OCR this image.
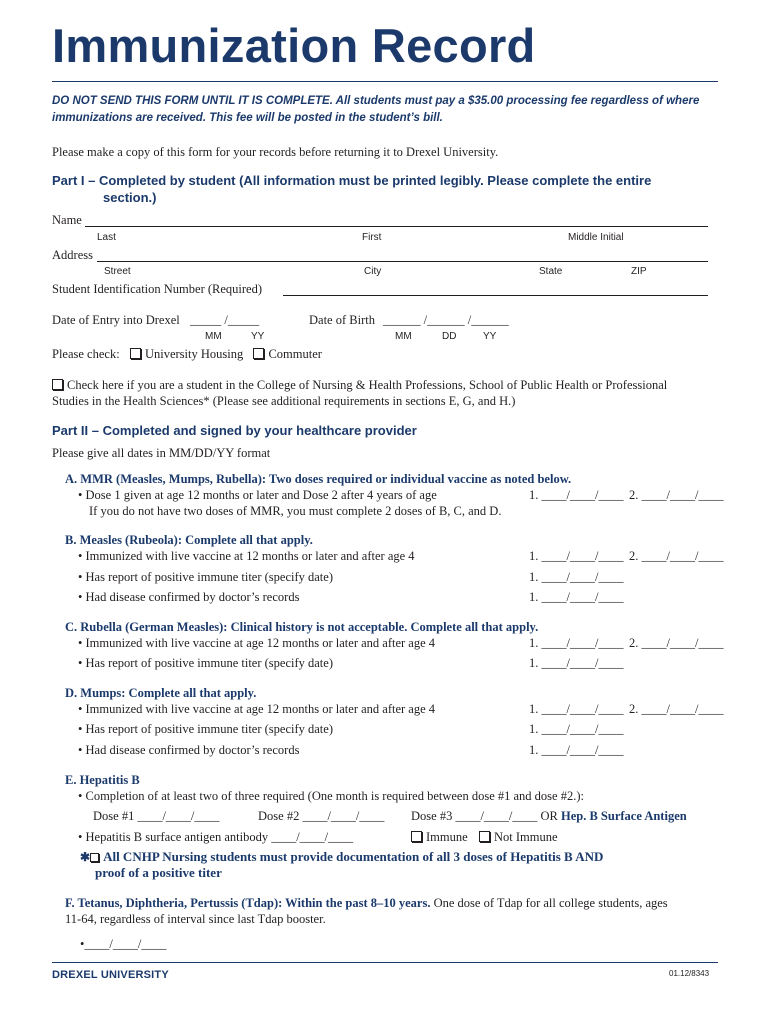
Immunization Record
DO NOT SEND THIS FORM UNTIL IT IS COMPLETE. All students must pay a $35.00 processing fee regardless of where immunizations are received. This fee will be posted in the student’s bill.
Please make a copy of this form for your records before returning it to Drexel University.
Part I – Completed by student (All information must be printed legibly. Please complete the entire
section.)
Name
Last	First	Middle Initial
Address
Street	City	State	ZIP
Student Identification Number (Required)
Date of Entry into Drexel _____ /_____
MM	YY
Date of Birth ______ /______ /______
MM	DD	YY
Please check: University Housing Commuter
Check here if you are a student in the College of Nursing & Health Professions, School of Public Health or Professional
Studies in the Health Sciences* (Please see additional requirements in sections E, G, and H.)
Part II – Completed and signed by your healthcare provider
Please give all dates in MM/DD/YY format
A. MMR (Measles, Mumps, Rubella): Two doses required or individual vaccine as noted below.
• Dose 1 given at age 12 months or later and Dose 2 after 4 years of age	1. ____/____/____ 2. ____/____/____
If you do not have two doses of MMR, you must complete 2 doses of B, C, and D.
B. Measles (Rubeola): Complete all that apply.
• Immunized with live vaccine at 12 months or later and after age 4	1. ____/____/____ 2. ____/____/____
• Has report of positive immune titer (specify date)	1. ____/____/____
• Had disease confirmed by doctor’s records	1. ____/____/____
C. Rubella (German Measles): Clinical history is not acceptable. Complete all that apply.
• Immunized with live vaccine at age 12 months or later and after age 4	1. ____/____/____ 2. ____/____/____
• Has report of positive immune titer (specify date)	1. ____/____/____
D. Mumps: Complete all that apply.
• Immunized with live vaccine at age 12 months or later and after age 4	1. ____/____/____ 2. ____/____/____
• Has report of positive immune titer (specify date)	1. ____/____/____
• Had disease confirmed by doctor’s records	1. ____/____/____
E. Hepatitis B
• Completion of at least two of three required (One month is required between dose #1 and dose #2.):
Dose #1 ____/____/____	Dose #2 ____/____/____ Dose #3 ____/____/____ OR Hep. B Surface Antigen
• Hepatitis B surface antigen antibody ____/____/____	Immune	Not Immune
✱ All CNHP Nursing students must provide documentation of all 3 doses of Hepatitis B AND
proof of a positive titer
F. Tetanus, Diphtheria, Pertussis (Tdap): Within the past 8–10 years. One dose of Tdap for all college students, ages
11-64, regardless of interval since last Tdap booster.
•____/____/____
DREXEL UNIVERSITY	01.12/8343
